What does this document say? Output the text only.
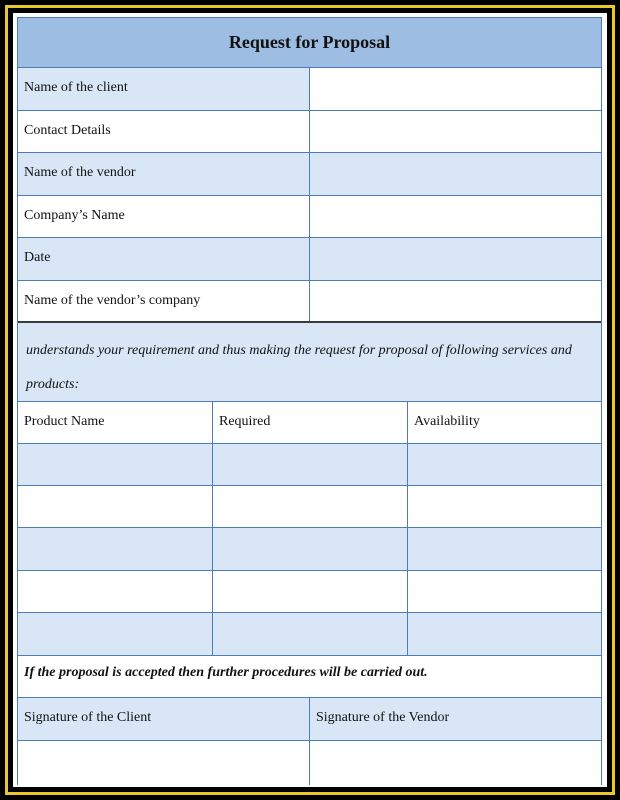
Request for Proposal
Name of the client
Contact Details
Name of the vendor
Company’s Name
Date
Name of the vendor’s company
understands your requirement and thus making the request for proposal of following services and products:
Product Name	Required	Availability
If the proposal is accepted then further procedures will be carried out.
Signature of the Client	Signature of the Vendor
